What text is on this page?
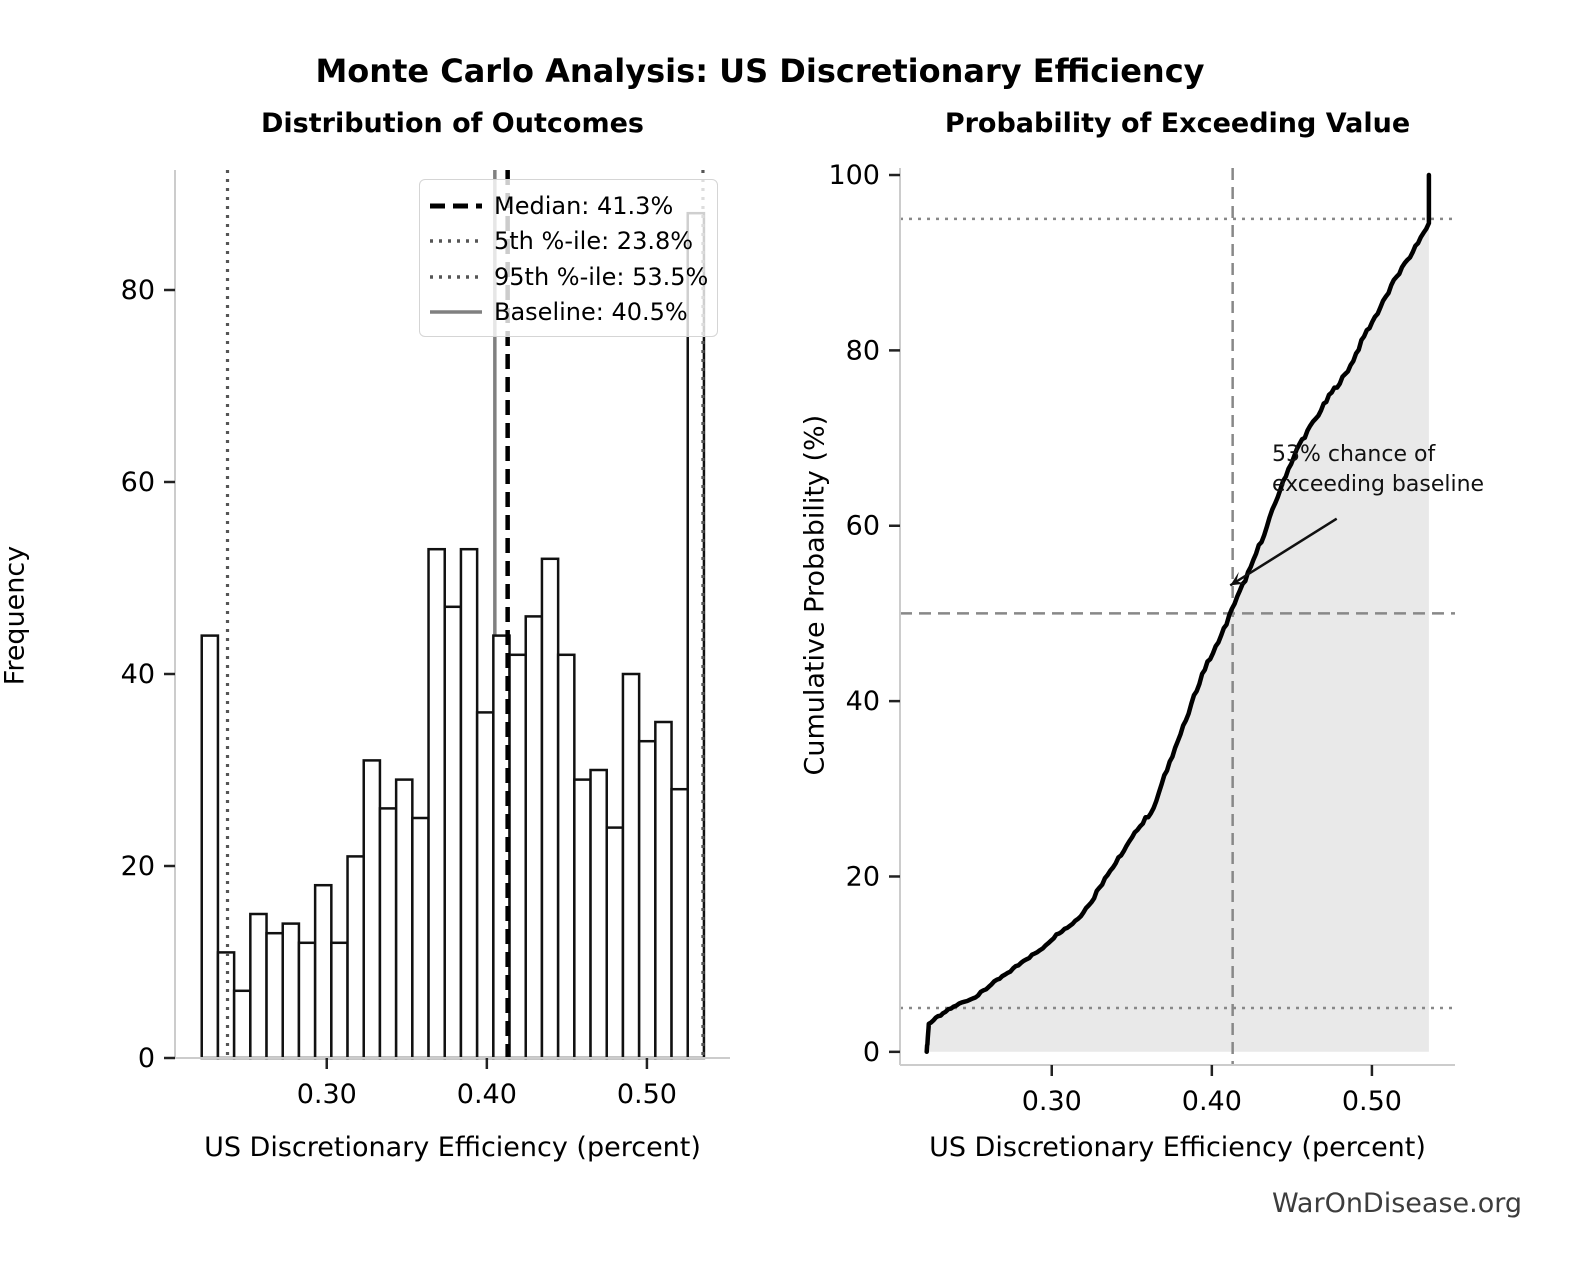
Monte Carlo Analysis: US Discretionary Efficiency
Distribution of Outcomes	Probability of Exceeding Value
Frequency	Cumulative Probability (%)
0
20
40
60
80
0.30	0.40	0.50
0
20
40
60
80
100
0.30	0.40	0.50
Median: 41.3%
5th %-ile: 23.8%
95th %-ile: 53.5%
Baseline: 40.5%
53% chance of
exceeding baseline
US Discretionary Efficiency (percent)	US Discretionary Efficiency (percent)
WarOnDisease.org
